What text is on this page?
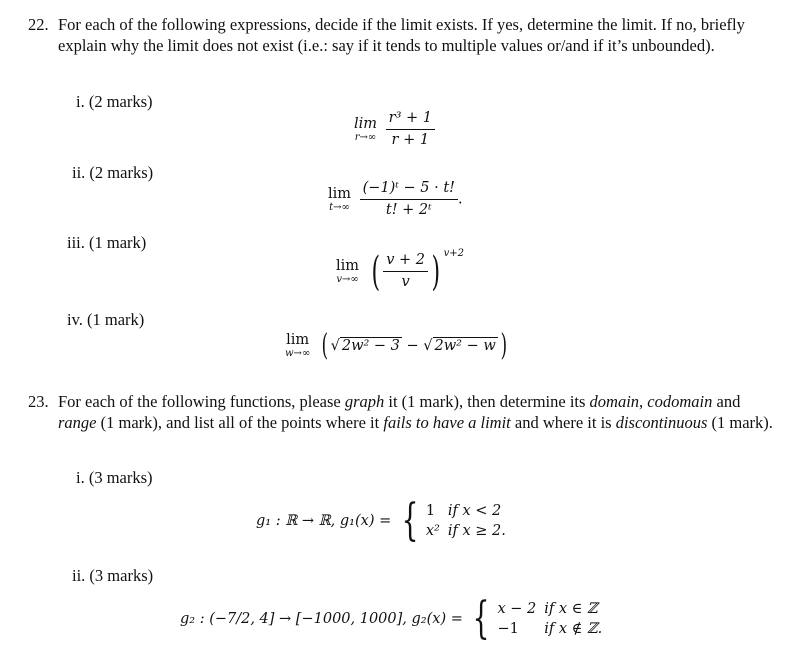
22. For each of the following expressions, decide if the limit exists. If yes, determine the limit. If no, briefly explain why the limit does not exist (i.e.: say if it tends to multiple values or/and if it’s unbounded).
i. (2 marks)
lim
r→∞
$\frac{\text{r³ + 1}}{r + 1}$
ii. (2 marks)
lim
t→∞
$\frac{\text{(−1)ᵗ − 5 · t!}}{\text{t! + 2ᵗ}}$ .
iii. (1 mark)
lim
v→∞ ( $\frac{v + 2}{v}$ ) $^{v+2}$
iv. (1 mark)
lim
w→∞ ( √ 2w² − 3 − √ 2w² − w )
23. For each of the following functions, please graph it (1 mark), then determine its domain, codomain and range (1 mark), and list all of the points where it fails to have a limit and where it is discontinuous (1 mark).
i. (3 marks)
g₁ : ℝ → ℝ, g₁(x) = { 1	if x < 2
x²	if x ≥ 2.
ii. (3 marks)
g₂ : (−7/2, 4] → [−1000, 1000], g₂(x) = { x − 2	if x ∈ ℤ
−1	if x ∉ ℤ.
